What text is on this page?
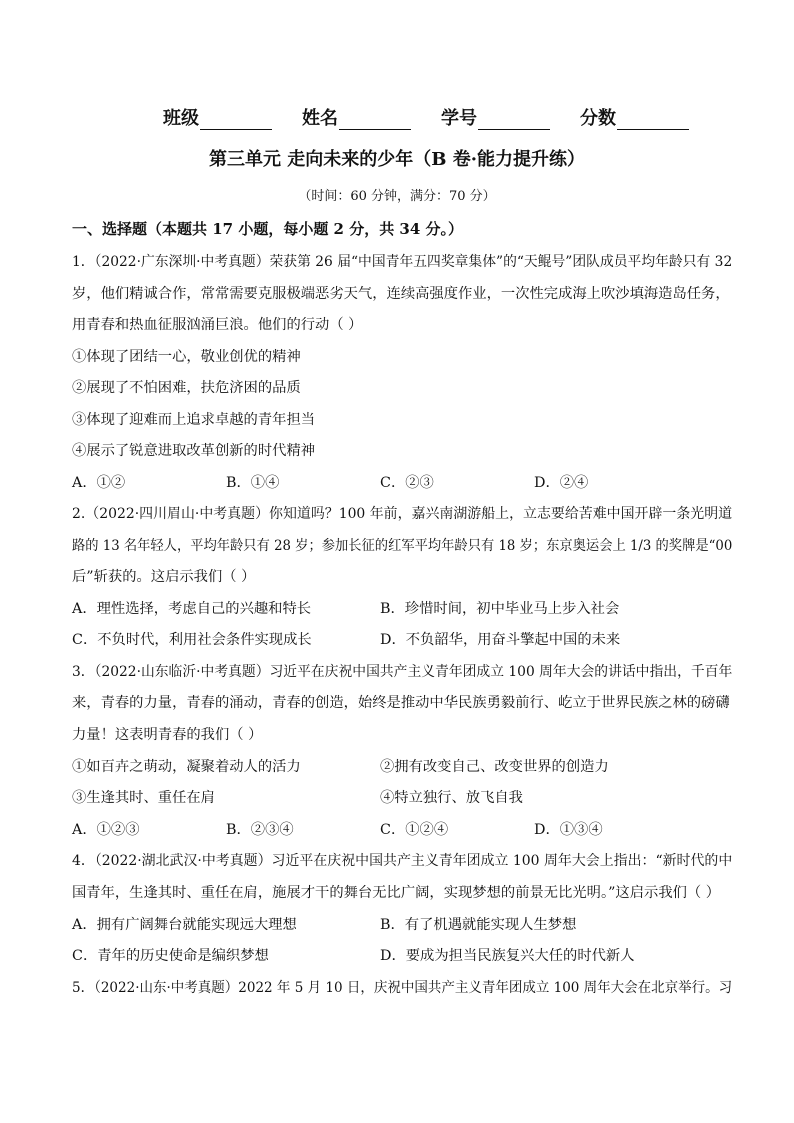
班级	姓名	学号	分数
第三单元 走向未来的少年（B 卷·能力提升练）
（时间：60 分钟，满分：70 分）
一、选择题（本题共 17 小题，每小题 2 分，共 34 分。）
1．（2022·广东深圳·中考真题）荣获第 26 届“中国青年五四奖章集体”的“天鲲号”团队成员平均年龄只有 32
岁，他们精诚合作，常常需要克服极端恶劣天气，连续高强度作业，一次性完成海上吹沙填海造岛任务，
用青春和热血征服汹涌巨浪。他们的行动（ ）
①体现了团结一心，敬业创优的精神
②展现了不怕困难，扶危济困的品质
③体现了迎难而上追求卓越的青年担当
④展示了锐意进取改革创新的时代精神
A．①②	B．①④	C．②③	D．②④
2.（2022·四川眉山·中考真题）你知道吗？100 年前，嘉兴南湖游船上，立志要给苦难中国开辟一条光明道
路的 13 名年轻人，平均年龄只有 28 岁；参加长征的红军平均年龄只有 18 岁；东京奥运会上 1/3 的奖牌是“00
后”斩获的。这启示我们（ ）
A．理性选择，考虑自己的兴趣和特长	B．珍惜时间，初中毕业马上步入社会
C．不负时代，利用社会条件实现成长	D．不负韶华，用奋斗擎起中国的未来
3．（2022·山东临沂·中考真题）习近平在庆祝中国共产主义青年团成立 100 周年大会的讲话中指出，千百年
来，青春的力量，青春的涌动，青春的创造，始终是推动中华民族勇毅前行、屹立于世界民族之林的磅礴
力量！这表明青春的我们（ ）
①如百卉之萌动，凝聚着动人的活力	②拥有改变自己、改变世界的创造力
③生逢其时、重任在肩	④特立独行、放飞自我
A．①②③	B．②③④	C．①②④	D．①③④
4．（2022·湖北武汉·中考真题）习近平在庆祝中国共产主义青年团成立 100 周年大会上指出：“新时代的中
国青年，生逢其时、重任在肩，施展才干的舞台无比广阔，实现梦想的前景无比光明。”这启示我们（ ）
A．拥有广阔舞台就能实现远大理想	B．有了机遇就能实现人生梦想
C．青年的历史使命是编织梦想	D．要成为担当民族复兴大任的时代新人
5．（2022·山东·中考真题）2022 年 5 月 10 日，庆祝中国共产主义青年团成立 100 周年大会在北京举行。习
